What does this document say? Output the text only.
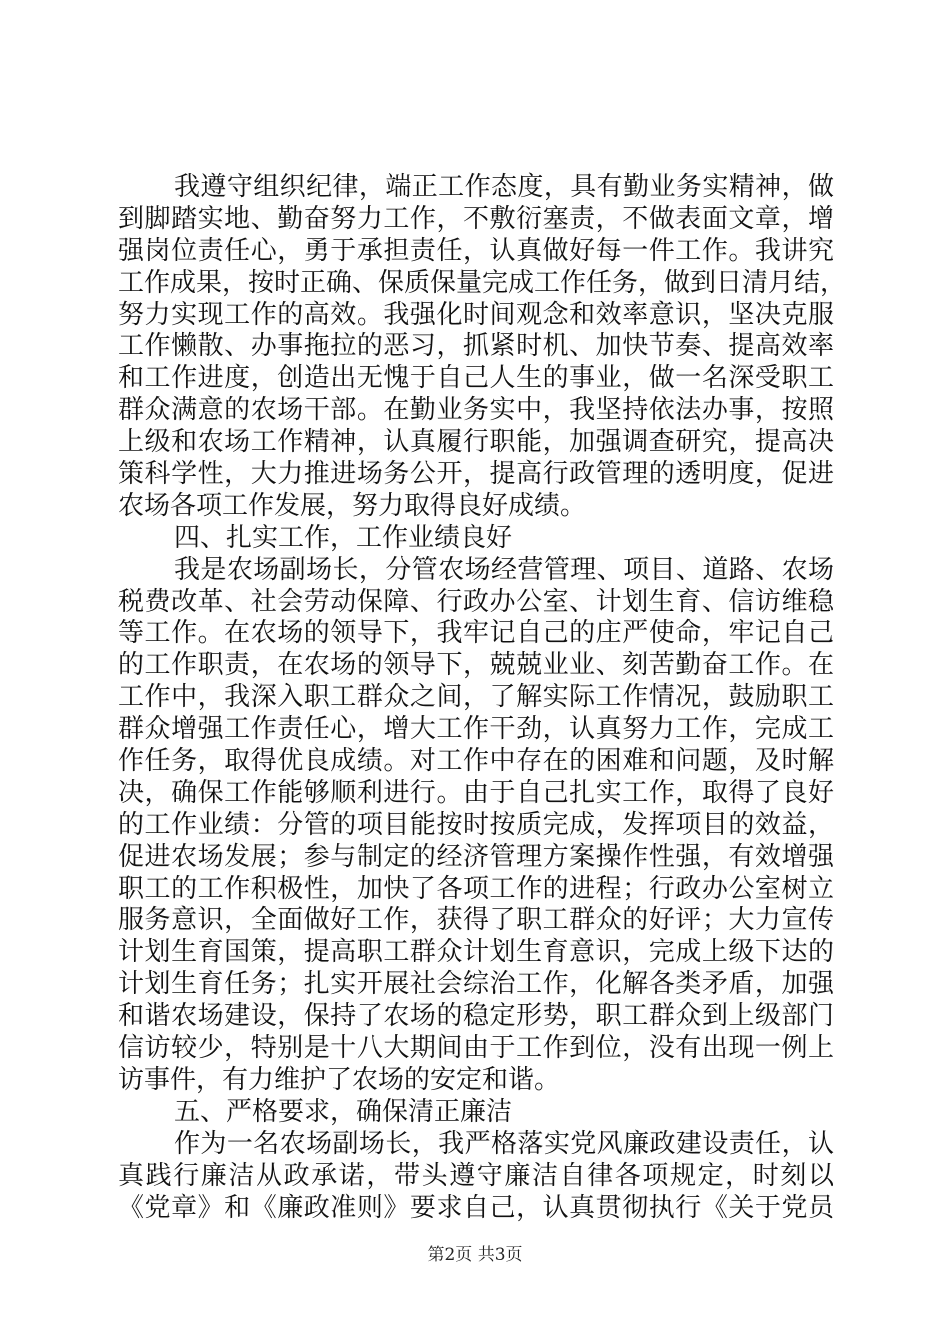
我遵守组织纪律，端正工作态度，具有勤业务实精神，做
到脚踏实地、勤奋努力工作，不敷衍塞责，不做表面文章，增
强岗位责任心，勇于承担责任，认真做好每一件工作。我讲究
工作成果，按时正确、保质保量完成工作任务，做到日清月结，
努力实现工作的高效。我强化时间观念和效率意识，坚决克服
工作懒散、办事拖拉的恶习，抓紧时机、加快节奏、提高效率
和工作进度，创造出无愧于自己人生的事业，做一名深受职工
群众满意的农场干部。在勤业务实中，我坚持依法办事，按照
上级和农场工作精神，认真履行职能，加强调查研究，提高决
策科学性，大力推进场务公开，提高行政管理的透明度，促进
农场各项工作发展，努力取得良好成绩。
四、扎实工作，工作业绩良好
我是农场副场长，分管农场经营管理、项目、道路、农场
税费改革、社会劳动保障、行政办公室、计划生育、信访维稳
等工作。在农场的领导下，我牢记自己的庄严使命，牢记自己
的工作职责，在农场的领导下，兢兢业业、刻苦勤奋工作。在
工作中，我深入职工群众之间，了解实际工作情况，鼓励职工
群众增强工作责任心，增大工作干劲，认真努力工作，完成工
作任务，取得优良成绩。对工作中存在的困难和问题，及时解
决，确保工作能够顺利进行。由于自己扎实工作，取得了良好
的工作业绩：分管的项目能按时按质完成，发挥项目的效益，
促进农场发展；参与制定的经济管理方案操作性强，有效增强
职工的工作积极性，加快了各项工作的进程；行政办公室树立
服务意识，全面做好工作，获得了职工群众的好评；大力宣传
计划生育国策，提高职工群众计划生育意识，完成上级下达的
计划生育任务；扎实开展社会综治工作，化解各类矛盾，加强
和谐农场建设，保持了农场的稳定形势，职工群众到上级部门
信访较少，特别是十八大期间由于工作到位，没有出现一例上
访事件，有力维护了农场的安定和谐。
五、严格要求，确保清正廉洁
作为一名农场副场长，我严格落实党风廉政建设责任，认
真践行廉洁从政承诺，带头遵守廉洁自律各项规定，时刻以
《党章》和《廉政准则》要求自己，认真贯彻执行《关于党员
第2页 共3页
